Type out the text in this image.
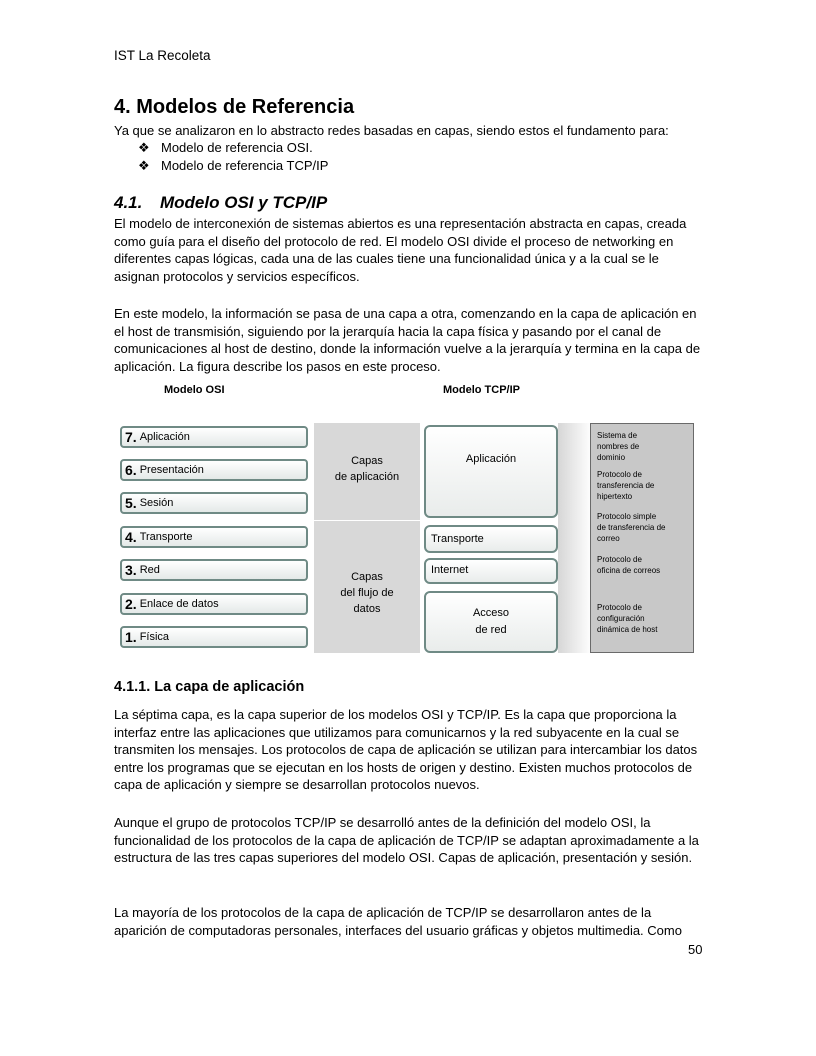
IST La Recoleta
4. Modelos de Referencia
Ya que se analizaron en lo abstracto redes basadas en capas, siendo estos el fundamento para:
❖ Modelo de referencia OSI.
❖ Modelo de referencia TCP/IP
4.1. Modelo OSI y TCP/IP
El modelo de interconexión de sistemas abiertos es una representación abstracta en capas, creada como guía para el diseño del protocolo de red. El modelo OSI divide el proceso de networking en diferentes capas lógicas, cada una de las cuales tiene una funcionalidad única y a la cual se le asignan protocolos y servicios específicos.
En este modelo, la información se pasa de una capa a otra, comenzando en la capa de aplicación en el host de transmisión, siguiendo por la jerarquía hacia la capa física y pasando por el canal de comunicaciones al host de destino, donde la información vuelve a la jerarquía y termina en la capa de aplicación. La figura describe los pasos en este proceso.
Modelo OSI	Modelo TCP/IP
7. Aplicación
6. Presentación
5. Sesión
4. Transporte
3. Red
2. Enlace de datos
1. Física
Capas
de aplicación
Capas
del flujo de
datos
Aplicación
Transporte
Internet
Acceso
de red
Sistema de
nombres de
dominio
Protocolo de
transferencia de
hipertexto
Protocolo simple
de transferencia de
correo
Protocolo de
oficina de correos
Protocolo de
configuración
dinámica de host
4.1.1. La capa de aplicación
La séptima capa, es la capa superior de los modelos OSI y TCP/IP. Es la capa que proporciona la interfaz entre las aplicaciones que utilizamos para comunicarnos y la red subyacente en la cual se transmiten los mensajes. Los protocolos de capa de aplicación se utilizan para intercambiar los datos entre los programas que se ejecutan en los hosts de origen y destino. Existen muchos protocolos de capa de aplicación y siempre se desarrollan protocolos nuevos.
Aunque el grupo de protocolos TCP/IP se desarrolló antes de la definición del modelo OSI, la funcionalidad de los protocolos de la capa de aplicación de TCP/IP se adaptan aproximadamente a la estructura de las tres capas superiores del modelo OSI. Capas de aplicación, presentación y sesión.
La mayoría de los protocolos de la capa de aplicación de TCP/IP se desarrollaron antes de la aparición de computadoras personales, interfaces del usuario gráficas y objetos multimedia. Como
50
